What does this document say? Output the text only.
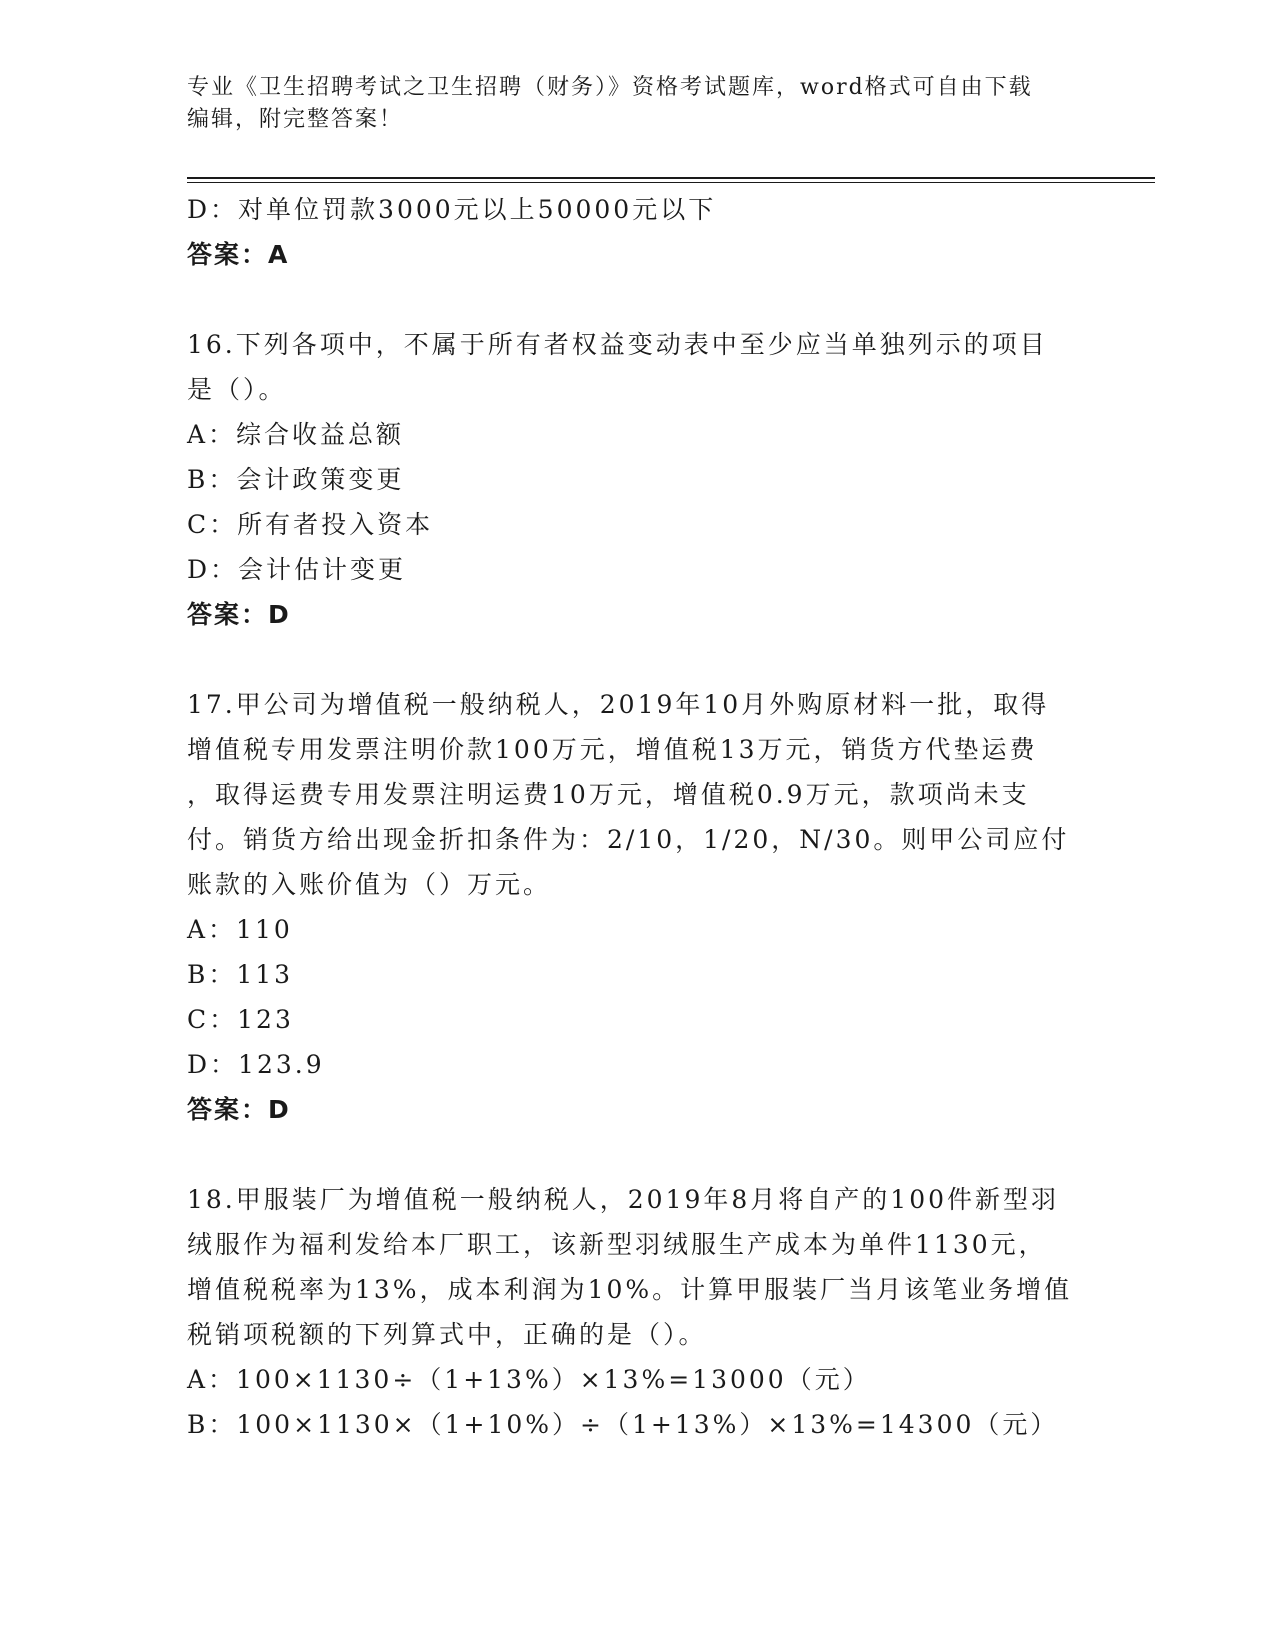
专业《卫生招聘考试之卫生招聘（财务）》资格考试题库，word格式可自由下载
编辑，附完整答案！
D：对单位罚款3000元以上50000元以下
答案：A
16.下列各项中，不属于所有者权益变动表中至少应当单独列示的项目
是（）。
A：综合收益总额
B：会计政策变更
C：所有者投入资本
D：会计估计变更
答案：D
17.甲公司为增值税一般纳税人，2019年10月外购原材料一批，取得
增值税专用发票注明价款100万元，增值税13万元，销货方代垫运费
，取得运费专用发票注明运费10万元，增值税0.9万元，款项尚未支
付。销货方给出现金折扣条件为：2/10，1/20，N/30。则甲公司应付
账款的入账价值为（）万元。
A：110
B：113
C：123
D：123.9
答案：D
18.甲服装厂为增值税一般纳税人，2019年8月将自产的100件新型羽
绒服作为福利发给本厂职工，该新型羽绒服生产成本为单件1130元，
增值税税率为13%，成本利润为10%。计算甲服装厂当月该笔业务增值
税销项税额的下列算式中，正确的是（）。
A：100×1130÷（1+13%）×13%=13000（元）
B：100×1130×（1+10%）÷（1+13%）×13%=14300（元）
